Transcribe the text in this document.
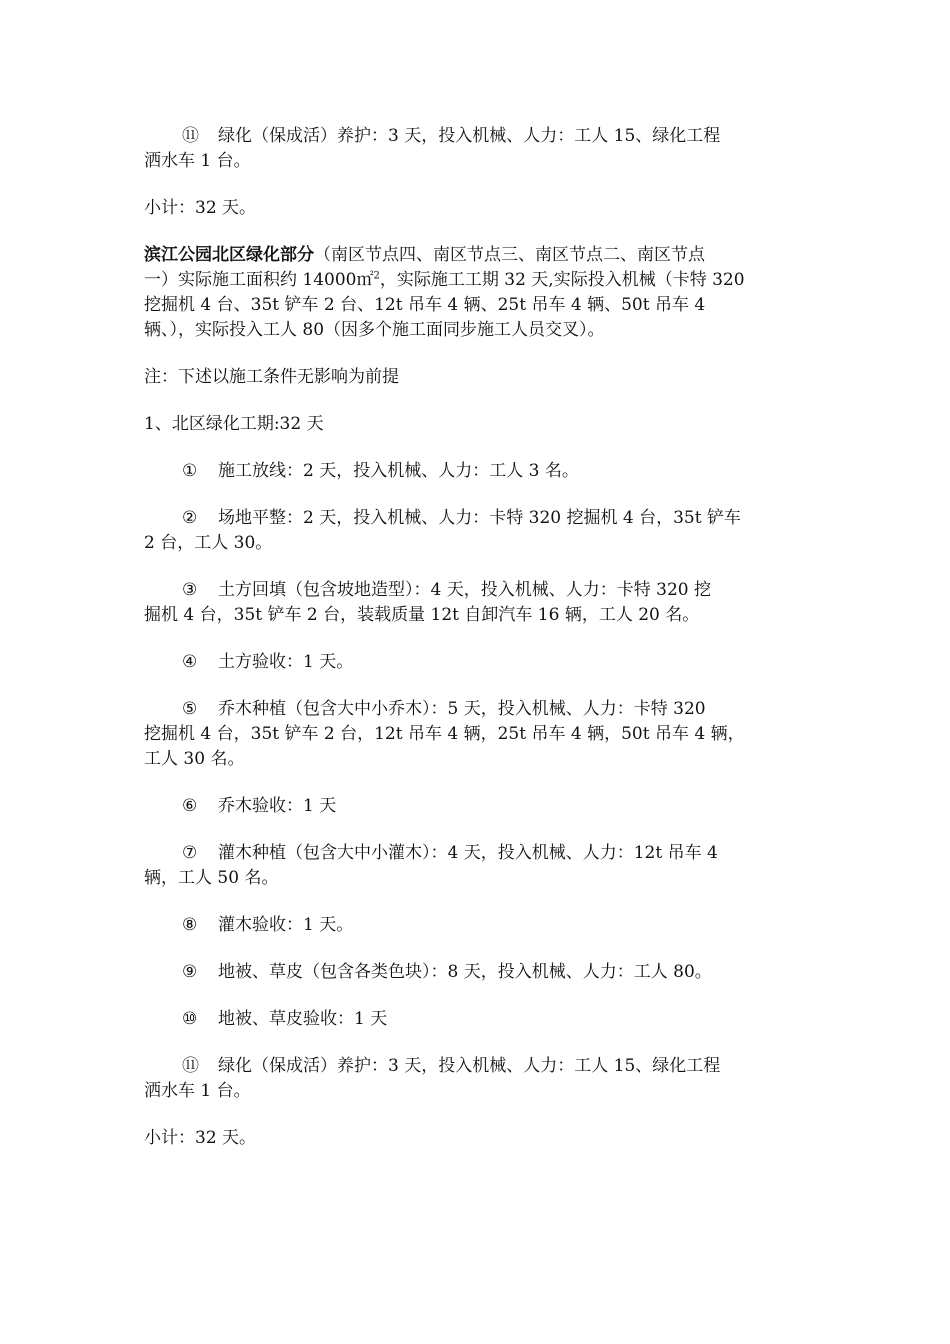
⑪ 绿化（保成活）养护：3 天，投入机械、人力：工人 15、绿化工程
洒水车 1 台。

小计：32 天。

滨江公园北区绿化部分（南区节点四、南区节点三、南区节点二、南区节点
一）实际施工面积约 14000㎡$^2$，实际施工工期 32 天,实际投入机械（卡特 320
挖掘机 4 台、35t 铲车 2 台、12t 吊车 4 辆、25t 吊车 4 辆、50t 吊车 4
辆、），实际投入工人 80（因多个施工面同步施工人员交叉）。

注：下述以施工条件无影响为前提

1、北区绿化工期:32 天

① 施工放线：2 天，投入机械、人力：工人 3 名。

② 场地平整：2 天，投入机械、人力：卡特 320 挖掘机 4 台，35t 铲车
2 台，工人 30。

③ 土方回填（包含坡地造型）：4 天，投入机械、人力：卡特 320 挖
掘机 4 台，35t 铲车 2 台，装载质量 12t 自卸汽车 16 辆，工人 20 名。

④ 土方验收：1 天。

⑤ 乔木种植（包含大中小乔木）：5 天，投入机械、人力：卡特 320
挖掘机 4 台，35t 铲车 2 台，12t 吊车 4 辆，25t 吊车 4 辆，50t 吊车 4 辆，
工人 30 名。

⑥ 乔木验收：1 天

⑦ 灌木种植（包含大中小灌木）：4 天，投入机械、人力：12t 吊车 4
辆，工人 50 名。

⑧ 灌木验收：1 天。

⑨ 地被、草皮（包含各类色块）：8 天，投入机械、人力：工人 80。

⑩ 地被、草皮验收：1 天

⑪ 绿化（保成活）养护：3 天，投入机械、人力：工人 15、绿化工程
洒水车 1 台。

小计：32 天。
